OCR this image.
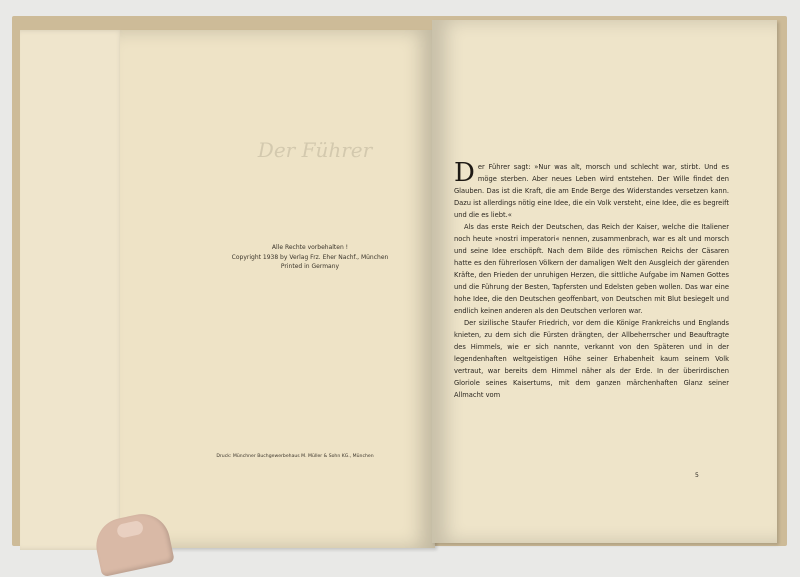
Der Führer
Alle Rechte vorbehalten !
Copyright 1938 by Verlag Frz. Eher Nachf., München
Printed in Germany
Druck: Münchner Buchgewerbehaus M. Müller & Sohn KG., München

Der Führer sagt: »Nur was alt, morsch und schlecht war, stirbt. Und es möge sterben. Aber neues Leben wird entstehen. Der Wille findet den Glauben. Das ist die Kraft, die am Ende Berge des Widerstandes versetzen kann. Dazu ist allerdings nötig eine Idee, die ein Volk versteht, eine Idee, die es begreift und die es liebt.«

Als das erste Reich der Deutschen, das Reich der Kaiser, welche die Italiener noch heute »nostri imperatori« nennen, zusammenbrach, war es alt und morsch und seine Idee erschöpft. Nach dem Bilde des römischen Reichs der Cäsaren hatte es den führerlosen Völkern der damaligen Welt den Ausgleich der gärenden Kräfte, den Frieden der unruhigen Herzen, die sittliche Aufgabe im Namen Gottes und die Führung der Besten, Tapfersten und Edelsten geben wollen. Das war eine hohe Idee, die den Deutschen geoffenbart, von Deutschen mit Blut besiegelt und endlich keinen anderen als den Deutschen verloren war.

Der sizilische Staufer Friedrich, vor dem die Könige Frankreichs und Englands knieten, zu dem sich die Fürsten drängten, der Allbeherrscher und Beauftragte des Himmels, wie er sich nannte, verkannt von den Späteren und in der legendenhaften weltgeistigen Höhe seiner Erhabenheit kaum seinem Volk vertraut, war bereits dem Himmel näher als der Erde. In der überirdischen Gloriole seines Kaisertums, mit dem ganzen märchenhaften Glanz seiner Allmacht vom

5
